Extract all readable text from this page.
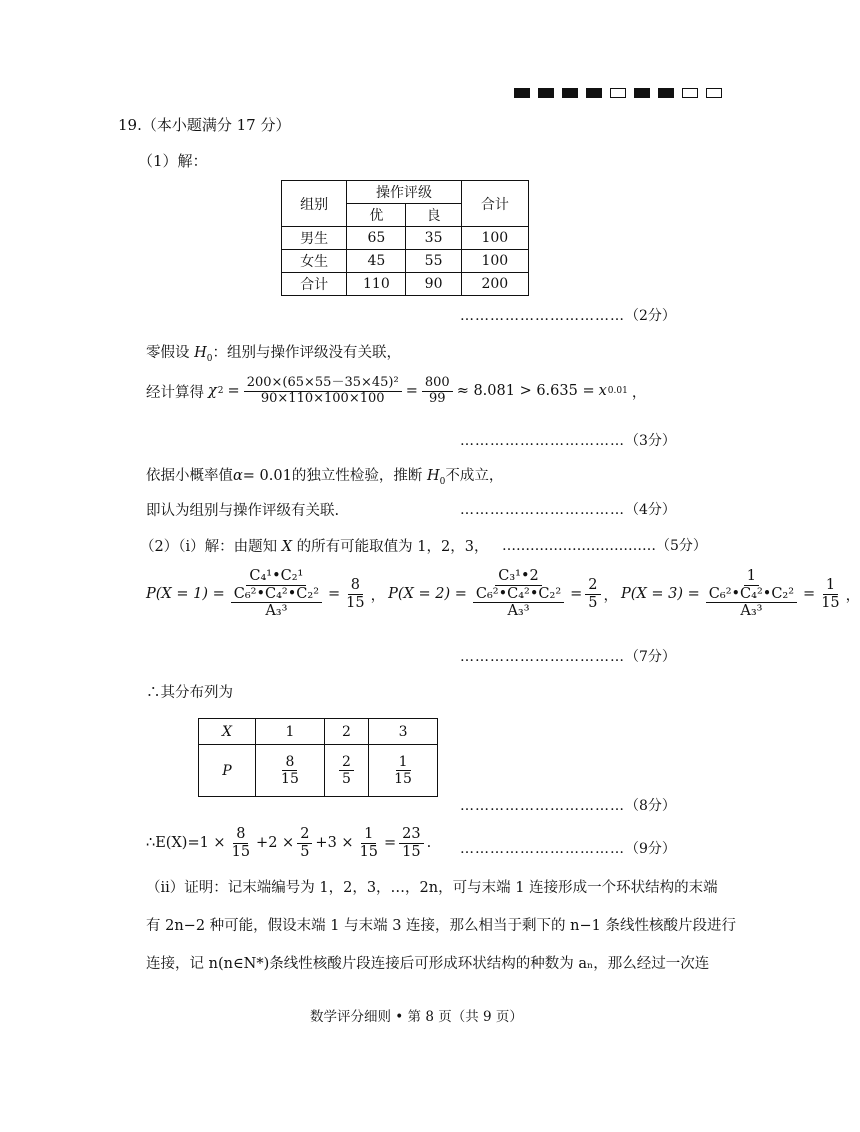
19.（本小题满分 17 分）
（1）解：
组别	操作评级		合计
	优	良	
男生	65	35	100
女生	45	55	100
合计	110	90	200
……………………………（2分）
零假设 $H_0$：组别与操作评级没有关联，
经计算得 χ $2 = \frac{\text{200×(65×55－35×45)²}}{90\times 110\times 100\times 100} = \frac{800}{99} \approx 8.081 > 6.635 = x$ 0.01 ，
……………………………（3分）
依据小概率值α= 0.01的独立性检验，推断 $H_0$不成立，
即认为组别与操作评级有关联.	……………………………（4分）
（2）（i）解：由题知 X 的所有可能取值为 1，2，3， ……………………………（5分）
$P(X = 1) = \frac{\text{C₄¹•C₂¹}}{\frac{\text{C₆²•C₄²•C₂²}}{\text{A₃³}}} = \frac{8}{15}$ ， $P(X = 2) = \frac{\text{C₃¹•2}}{\frac{\text{C₆²•C₄²•C₂²}}{\text{A₃³}}} = \frac{2}{5}$ ， $P(X = 3) = \frac{1}{\frac{\text{C₆²•C₄²•C₂²}}{\text{A₃³}}} = \frac{1}{15}$ ，
……………………………（7分）
∴其分布列为
X	1	2	3
P	$\frac{8}{15}$	$\frac{2}{5}$	$\frac{1}{15}$
……………………………（8分）
∴E(X)=1 × $\frac{8}{15} +2 \times \frac{2}{5} +3 \times \frac{1}{15} = \frac{23}{15}$ . ……………………………（9分）
（ii）证明：记末端编号为 1，2，3，…，2n，可与末端 1 连接形成一个环状结构的末端
有 2n−2 种可能，假设末端 1 与末端 3 连接，那么相当于剩下的 n−1 条线性核酸片段进行
连接，记 n(n∈N*)条线性核酸片段连接后可形成环状结构的种数为 aₙ，那么经过一次连
数学评分细则 • 第 8 页（共 9 页）
